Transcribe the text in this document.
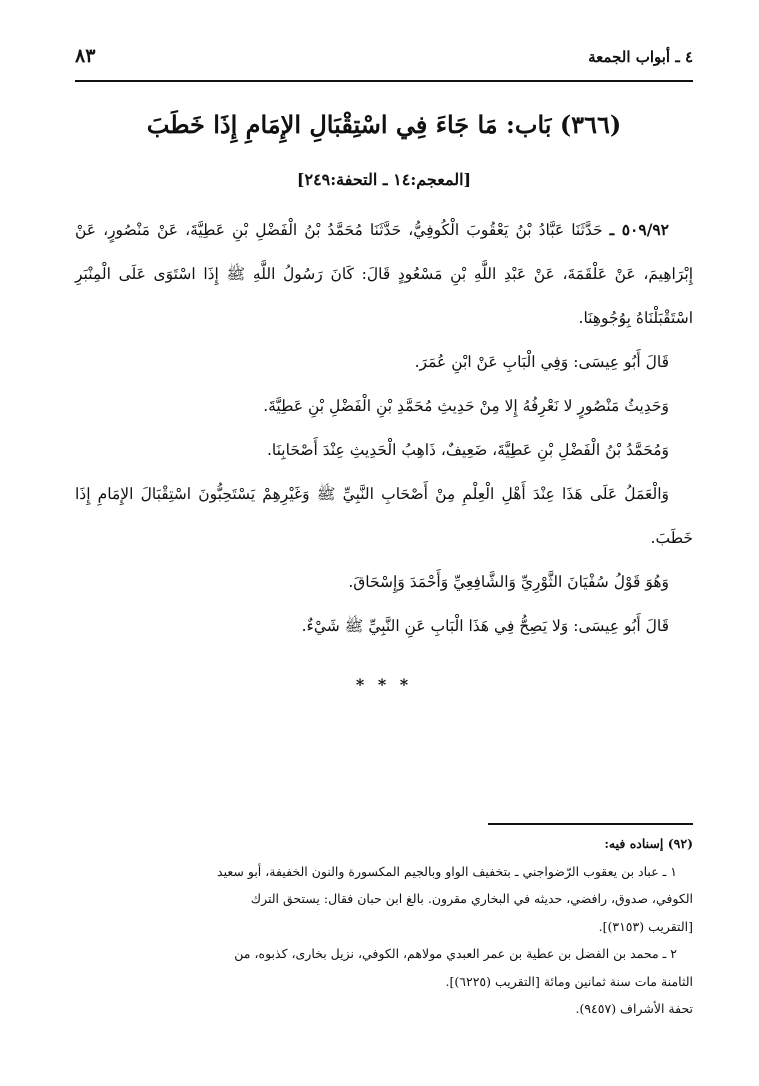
٤ ـ أبواب الجمعة
٨٣
(٣٦٦) بَاب: مَا جَاءَ فِي اسْتِقْبَالِ الإِمَامِ إِذَا خَطَبَ
[المعجم:١٤ ـ التحفة:٢٤٩]

٥٠٩/٩٢ ـ حَدَّثَنَا عَبَّادُ بْنُ يَعْقُوبَ الْكُوفِيُّ، حَدَّثَنَا مُحَمَّدُ بْنُ الْفَضْلِ بْنِ عَطِيَّةَ، عَنْ مَنْصُورٍ، عَنْ إِبْرَاهِيمَ، عَنْ عَلْقَمَةَ، عَنْ عَبْدِ اللَّهِ بْنِ مَسْعُودٍ قَالَ: كَانَ رَسُولُ اللَّهِ ﷺ إِذَا اسْتَوَى عَلَى الْمِنْبَرِ اسْتَقْبَلْنَاهُ بِوُجُوهِنَا.

قَالَ أَبُو عِيسَى: وَفِي الْبَابِ عَنْ ابْنِ عُمَرَ.

وَحَدِيثُ مَنْصُورٍ لا نَعْرِفُهُ إِلا مِنْ حَدِيثِ مُحَمَّدِ بْنِ الْفَضْلِ بْنِ عَطِيَّةَ.

وَمُحَمَّدُ بْنُ الْفَضْلِ بْنِ عَطِيَّةَ، ضَعِيفٌ، ذَاهِبُ الْحَدِيثِ عِنْدَ أَصْحَابِنَا.

وَالْعَمَلُ عَلَى هَذَا عِنْدَ أَهْلِ الْعِلْمِ مِنْ أَصْحَابِ النَّبِيِّ ﷺ وَغَيْرِهِمْ يَسْتَحِبُّونَ اسْتِقْبَالَ الإِمَامِ إِذَا خَطَبَ.

وَهُوَ قَوْلُ سُفْيَانَ الثَّوْرِيِّ وَالشَّافِعِيِّ وَأَحْمَدَ وَإِسْحَاقَ.

قَالَ أَبُو عِيسَى: وَلا يَصِحُّ فِي هَذَا الْبَابِ عَنِ النَّبِيِّ ﷺ شَيْءٌ.

* * *

(٩٢) إسناده فيه:

١ ـ عباد بن يعقوب الرّضواجني ـ بتخفيف الواو وبالجيم المكسورة والنون الخفيفة، أبو سعيد

الكوفي، صدوق، رافضي، حديثه في البخاري مقرون. بالغ ابن حبان فقال: يستحق الترك

[التقريب (٣١٥٣)].

٢ ـ محمد بن الفضل بن عطية بن عمر العبدي مولاهم، الكوفي، نزيل بخارى، كذبوه، من

الثامنة مات سنة ثمانين ومائة [التقريب (٦٢٢٥)].

تحفة الأشراف (٩٤٥٧).
